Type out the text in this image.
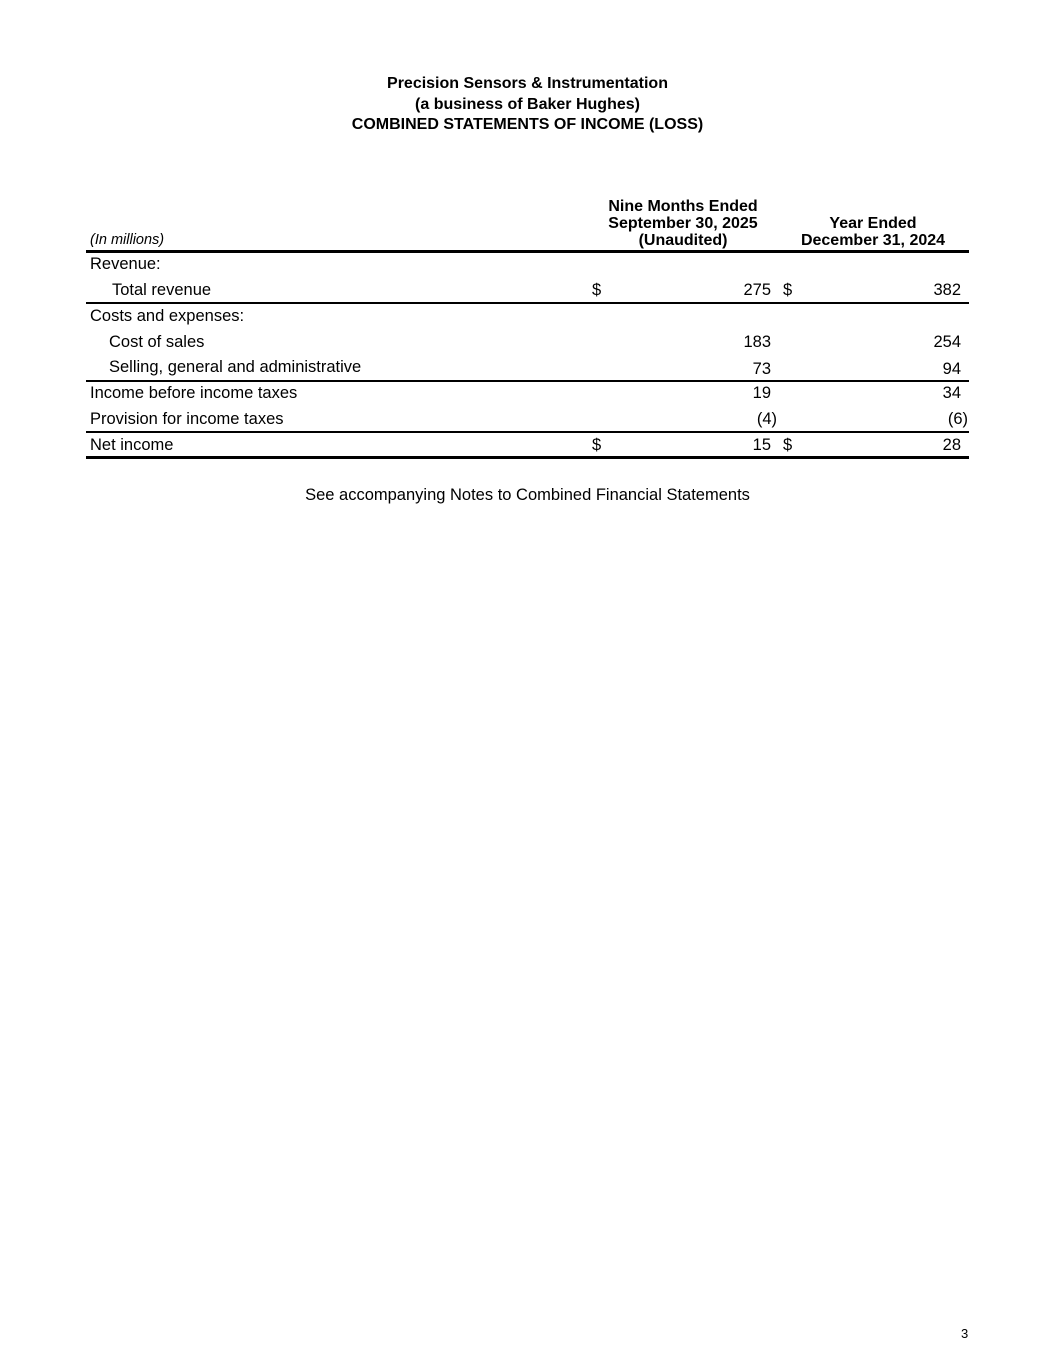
Precision Sensors & Instrumentation
(a business of Baker Hughes)
COMBINED STATEMENTS OF INCOME (LOSS)
(In millions)
Nine Months Ended
September 30, 2025
(Unaudited)
Year Ended
December 31, 2024
Revenue:
Total revenue
Costs and expenses:
Cost of sales
Selling, general and administrative
Income before income taxes
Provision for income taxes
Net income
$	$
$	$
275
183
73
19
(4)
15
382
254
94
34
(6)
28
See accompanying Notes to Combined Financial Statements
3
